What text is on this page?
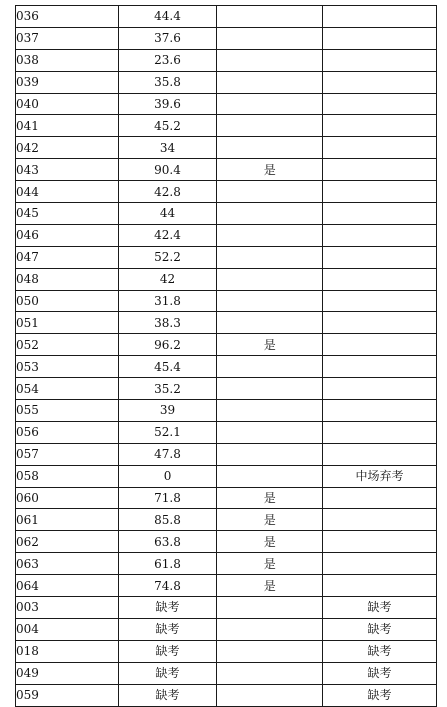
036	44.4		
037	37.6		
038	23.6		
039	35.8		
040	39.6		
041	45.2		
042	34		
043	90.4	是	
044	42.8		
045	44		
046	42.4		
047	52.2		
048	42		
050	31.8		
051	38.3		
052	96.2	是	
053	45.4		
054	35.2		
055	39		
056	52.1		
057	47.8		
058	0		中场弃考
060	71.8	是	
061	85.8	是	
062	63.8	是	
063	61.8	是	
064	74.8	是	
003	缺考		缺考
004	缺考		缺考
018	缺考		缺考
049	缺考		缺考
059	缺考		缺考
